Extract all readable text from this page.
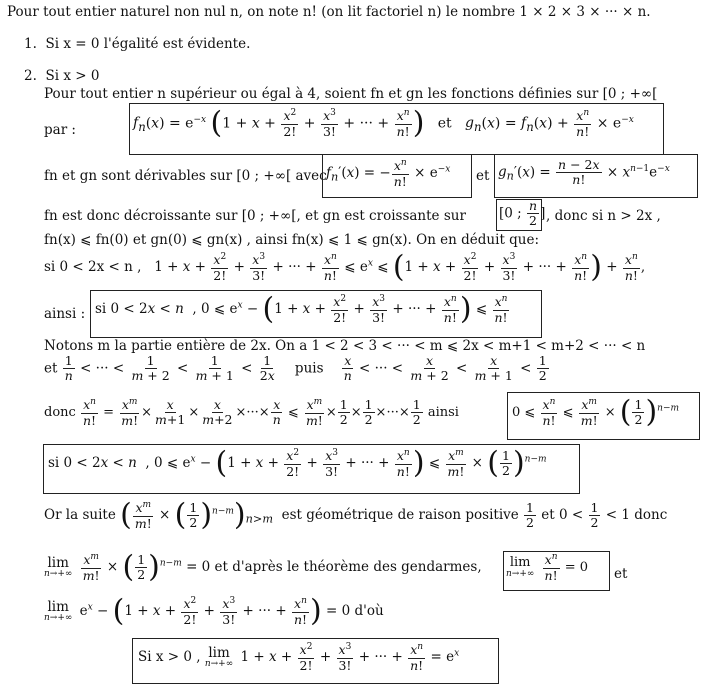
Pour tout entier naturel non nul n, on note n! (on lit factoriel n) le nombre 1 × 2 × 3 × ··· × n.
1. Si x = 0 l'égalité est évidente.
2. Si x > 0
Pour tout entier n supérieur ou égal à 4, soient fn et gn les fonctions définies sur [0 ; +∞[
par :	$f_n(x) = e^{-x}$ ($1 + x + \frac{x^2}{2!} + \frac{x^3}{3!}$ + ··· + $\frac{x^n}{n!}$ ) et $g_n(x) = f_n(x) + \frac{x^n}{n!} \times e^{-x}$
fn et gn sont dérivables sur [0 ; +∞[ avec $f_n'(x)$ = − $\frac{x^n}{n!} \times e^{-x}$ et $g_n'(x) = \frac{n - 2x}{n!} \times x^{n-1}e^{-x}$
fn est donc décroissante sur [0 ; +∞[, et gn est croissante sur [0 ; $\frac{n}{2}$ ] , donc si n > 2x ,
fn(x) ⩽ fn(0) et gn(0) ⩽ gn(x) , ainsi fn(x) ⩽ 1 ⩽ gn(x). On en déduit que:
si 0 < 2x < n ,   $1 + x + \frac{x^2}{2!} + \frac{x^3}{3!}$ + ··· + $\frac{x^n}{n!}$ ⩽ $e^x$ ⩽ ($1 + x + \frac{x^2}{2!} + \frac{x^3}{3!}$ + ··· + $\frac{x^n}{n!}$ ) + $\frac{x^n}{n!}$ ,
ainsi : si 0 < 2x < n  , 0 ⩽ $e^x - (1 + x + \frac{x^2}{2!} + \frac{x^3}{3!}$ + ··· + $\frac{x^n}{n!}$ ) ⩽ $\frac{x^n}{n!}$
Notons m la partie entière de 2x. On a 1 < 2 < 3 < ··· < m ⩽ 2x < m+1 < m+2 < ··· < n
et $\frac{1}{n}$ < ··· < $\frac{1}{m + 2} < \frac{1}{m + 1} < \frac{1}{2x}$ puis $\frac{x}{n}$ < ··· < $\frac{x}{m + 2} < \frac{x}{m + 1} < \frac{1}{2}$
donc $\frac{x^n}{n!} = \frac{x^m}{m!} \times \frac{x}{m+1} \times \frac{x}{m+2}$ ×···× $\frac{x}{n}$ ⩽ $\frac{x^m}{m!} \times \frac{1}{2} \times \frac{1}{2}$ ×···× $\frac{1}{2}$ ainsi	0 ⩽ $\frac{x^n}{n!}$ ⩽ $\frac{x^m}{m!}$ × ( $\frac{1}{2} )^{n-m}$
si 0 < 2x < n  , 0 ⩽ $e^x - (1 + x + \frac{x^2}{2!} + \frac{x^3}{3!}$ + ··· + $\frac{x^n}{n!}$ ) ⩽ $\frac{x^m}{m!}$ × ( $\frac{1}{2} )^{n-m}$
Or la suite ( $\frac{x^m}{m!}$ × ( $\frac{1}{2} )^{n-m})_{n>m}$ est géométrique de raison positive $\frac{1}{2}$ et $0 < \frac{1}{2} < 1$ donc
lim
n→+∞
$\frac{x^m}{m!}$ × ( $\frac{1}{2} )^{n-m} = 0$ et d'après le théorème des gendarmes, lim
n→+∞
$\frac{x^n}{n!} = 0$ et
lim
n→+∞ $e^x - (1 + x + \frac{x^2}{2!} + \frac{x^3}{3!}$ + ··· + $\frac{x^n}{n!}$ ) = 0 d'où
Si x > 0 , lim
n→+∞ $1 + x + \frac{x^2}{2!} + \frac{x^3}{3!}$ + ··· + $\frac{x^n}{n!} = e^x$
